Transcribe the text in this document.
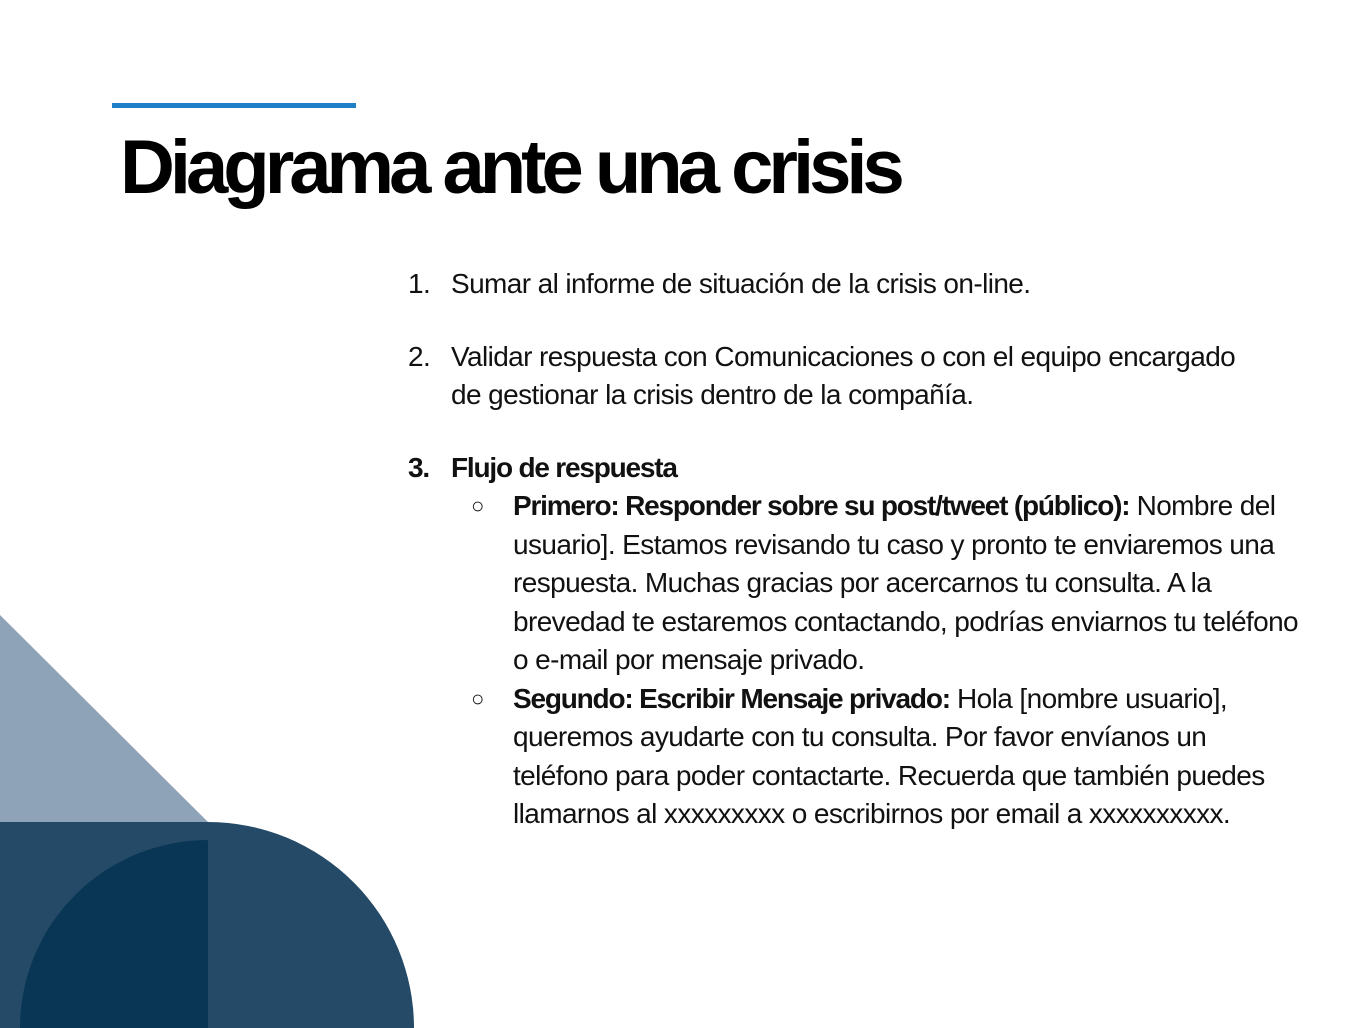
Diagrama ante una crisis
1. Sumar al informe de situación de la crisis on-line.
2. Validar respuesta con Comunicaciones o con el equipo encargado de gestionar la crisis dentro de la compañía.
3. Flujo de respuesta
○	Primero: Responder sobre su post/tweet (público): Nombre del usuario]. Estamos revisando tu caso y pronto te enviaremos una respuesta. Muchas gracias por acercarnos tu consulta. A la brevedad te estaremos contactando, podrías enviarnos tu teléfono o e-mail por mensaje privado.
○	Segundo: Escribir Mensaje privado: Hola [nombre usuario], queremos ayudarte con tu consulta. Por favor envíanos un teléfono para poder contactarte. Recuerda que también puedes llamarnos al xxxxxxxxx o escribirnos por email a xxxxxxxxxx.
